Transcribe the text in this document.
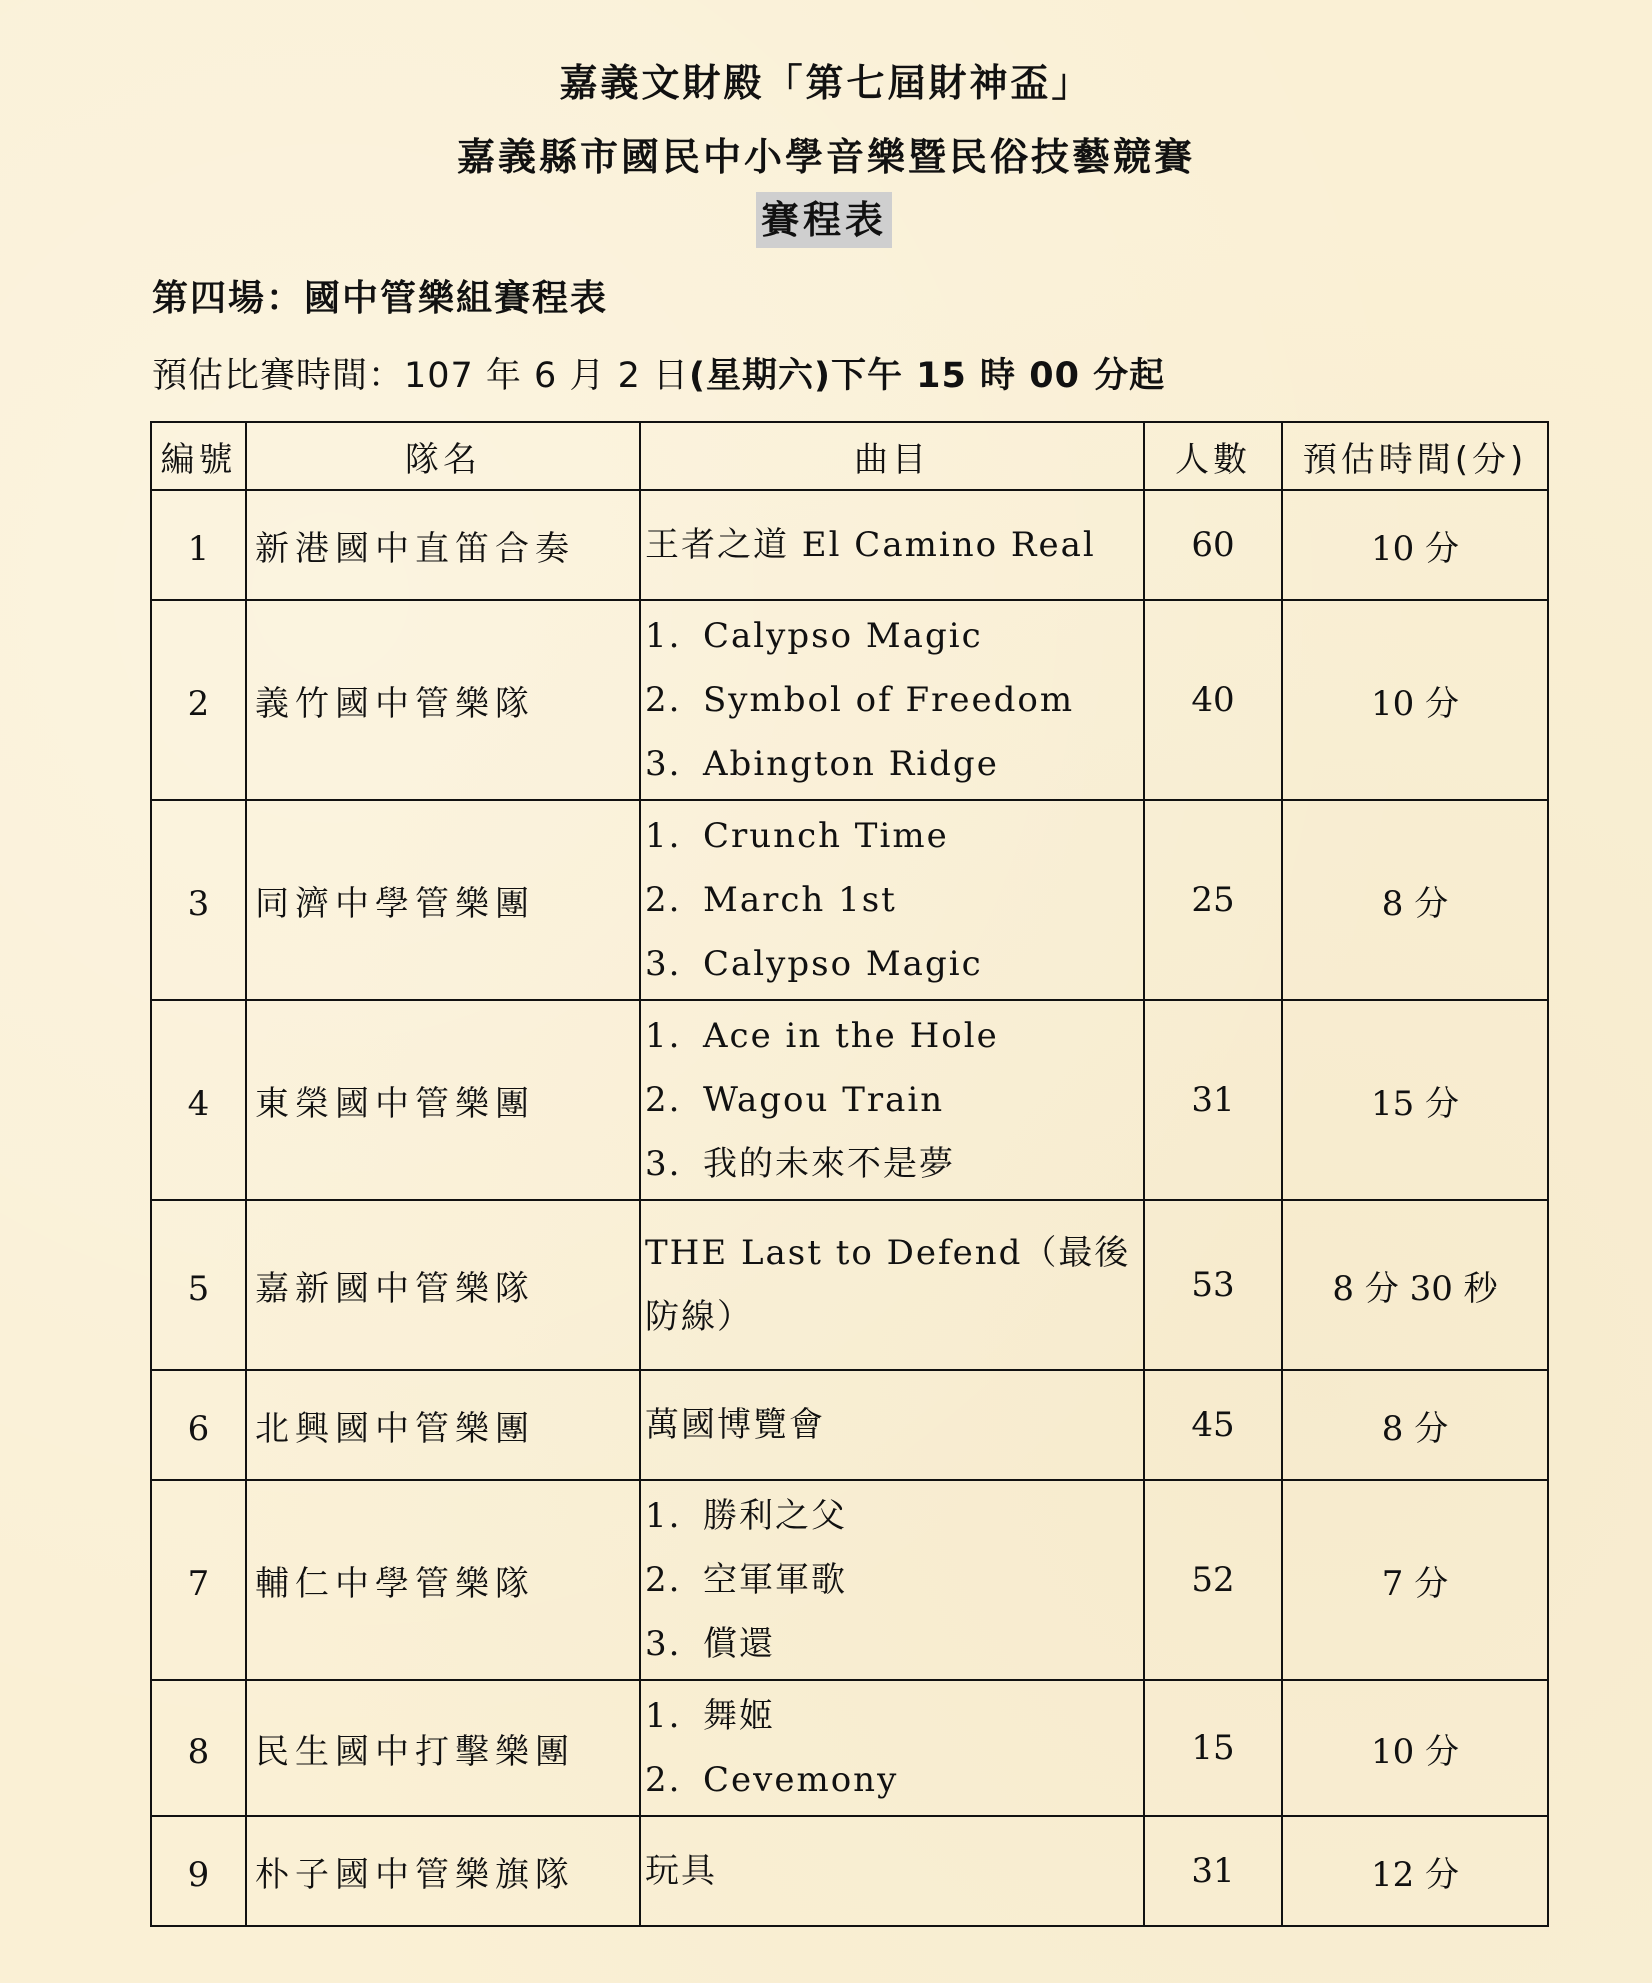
嘉義文財殿「第七屆財神盃」
嘉義縣市國民中小學音樂暨民俗技藝競賽
賽程表
第四場：國中管樂組賽程表
預估比賽時間：107 年 6 月 2 日(星期六)下午 15 時 00 分起
編號	隊名	曲目	人數	預估時間(分)
1	新港國中直笛合奏	王者之道 El Camino Real	60	10 分
2	義竹國中管樂隊	1. Calypso Magic
2. Symbol of Freedom
3. Abington Ridge	40	10 分
3	同濟中學管樂團	1. Crunch Time
2. March 1st
3. Calypso Magic	25	8 分
4	東榮國中管樂團	1. Ace in the Hole
2. Wagou Train
3. 我的未來不是夢	31	15 分
5	嘉新國中管樂隊	THE Last to Defend（最後
防線）	53	8 分 30 秒
6	北興國中管樂團	萬國博覽會	45	8 分
7	輔仁中學管樂隊	1. 勝利之父
2. 空軍軍歌
3. 償還	52	7 分
8	民生國中打擊樂團	1. 舞姬
2. Cevemony	15	10 分
9	朴子國中管樂旗隊	玩具	31	12 分
